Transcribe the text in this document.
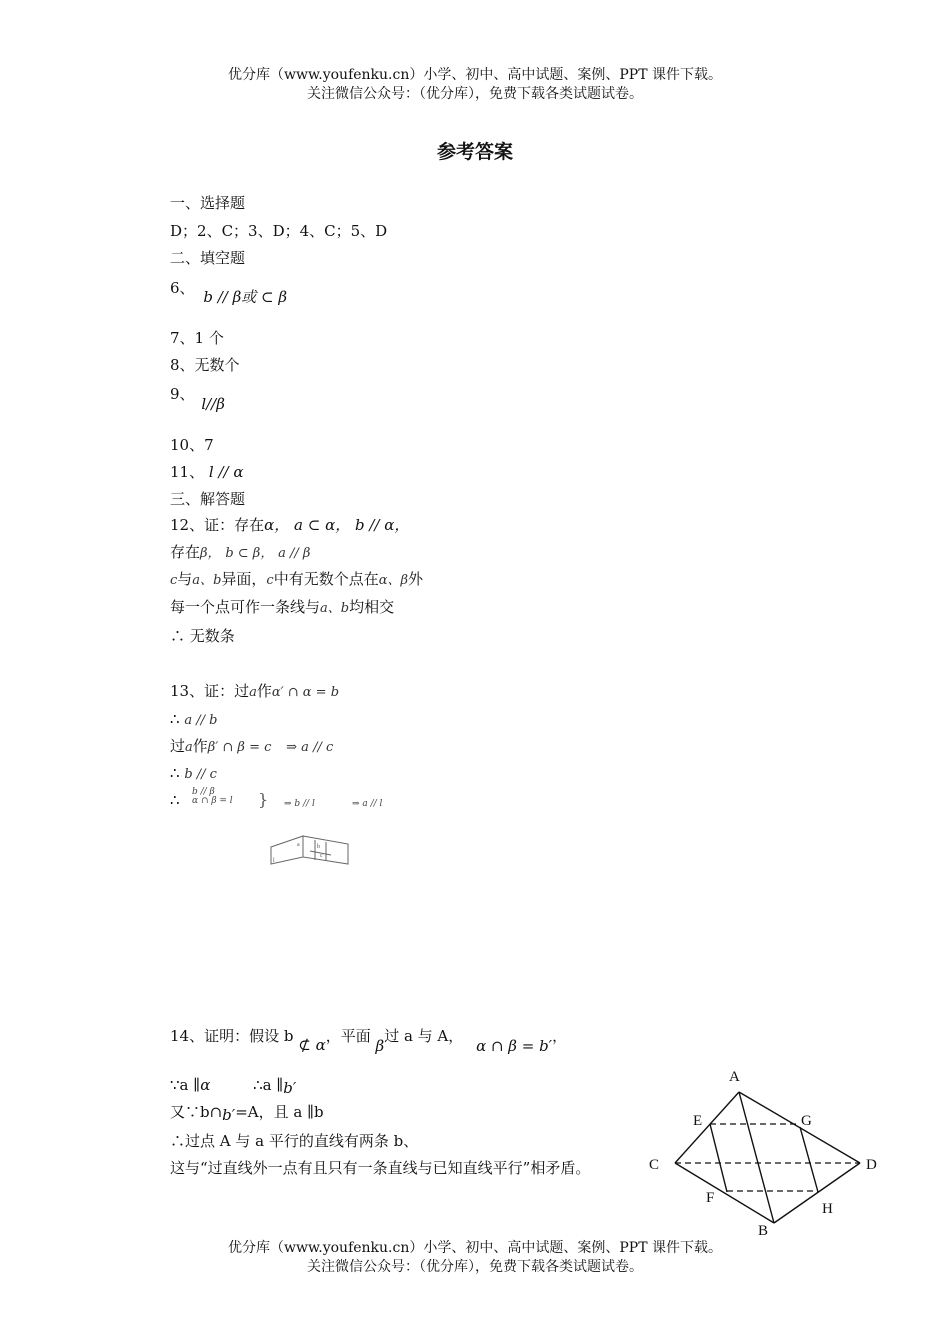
优分库（www.youfenku.cn）小学、初中、高中试题、案例、PPT 课件下载。
关注微信公众号：（优分库），免费下载各类试题试卷。
参考答案
一、选择题
D；2、C；3、D；4、C；5、D
二、填空题
6、 b // β或 ⊂ β
7、1 个
8、无数个
9、 l//β
10、7
11、 l // α
三、解答题
12、证：存在α， a ⊂ α， b // α，
存在β， b ⊂ β， a // β
c与a、b异面，c中有无数个点在α、β外
每一个点可作一条线与a、b均相交
∴ 无数条
13、证：过a作α′ ∩ α = b
∴ a // b
过a作β′ ∩ β = c ⇒ a // c
∴ b // c
∴ b // β
α ∩ β = l } ⇒ b // l	⇒ a // l
a	b
c
l
14、证明：假设 b ⊄ α，平面 β过 a 与 A， α ∩ β = b′，
∵a ∥α	∴a ∥b′
又∵b∩b′=A，且 a ∥b
∴过点 A 与 a 平行的直线有两条 b、
这与“过直线外一点有且只有一条直线与已知直线平行”相矛盾。
A
E	G
C	D
F
H
B
优分库（www.youfenku.cn）小学、初中、高中试题、案例、PPT 课件下载。
关注微信公众号：（优分库），免费下载各类试题试卷。
